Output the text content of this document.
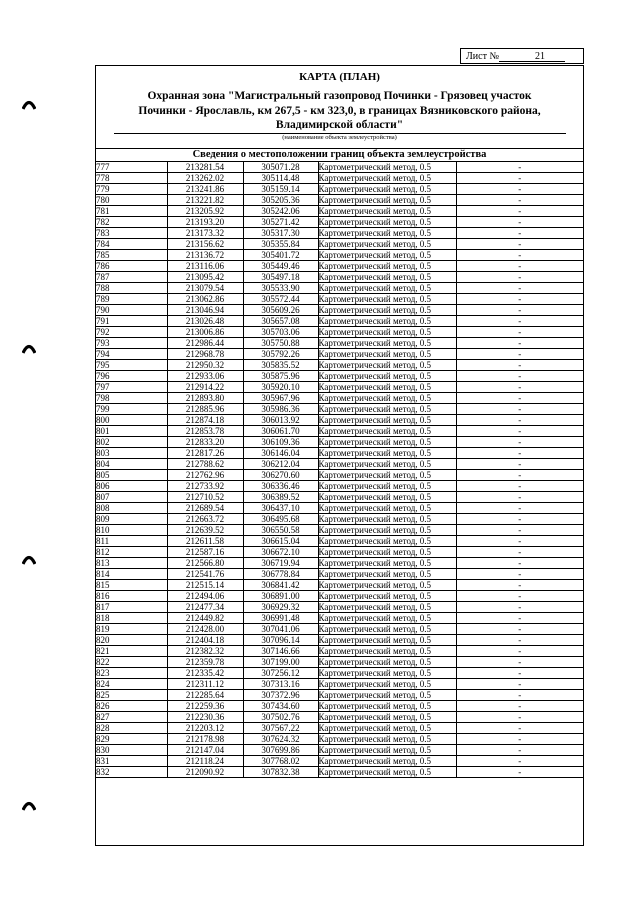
Лист №	21
КАРТА (ПЛАН)
Охранная зона "Магистральный газопровод Починки - Грязовец участок
Починки - Ярославль, км 267,5 - км 323,0, в границах Вязниковского района,
Владимирской области"
(наименование объекта землеустройства)
Сведения о местоположении границ объекта землеустройства
777	213281.54	305071.28	Картометрический метод, 0.5	-
778	213262.02	305114.48	Картометрический метод, 0.5	-
779	213241.86	305159.14	Картометрический метод, 0.5	-
780	213221.82	305205.36	Картометрический метод, 0.5	-
781	213205.92	305242.06	Картометрический метод, 0.5	-
782	213193.20	305271.42	Картометрический метод, 0.5	-
783	213173.32	305317.30	Картометрический метод, 0.5	-
784	213156.62	305355.84	Картометрический метод, 0.5	-
785	213136.72	305401.72	Картометрический метод, 0.5	-
786	213116.06	305449.46	Картометрический метод, 0.5	-
787	213095.42	305497.18	Картометрический метод, 0.5	-
788	213079.54	305533.90	Картометрический метод, 0.5	-
789	213062.86	305572.44	Картометрический метод, 0.5	-
790	213046.94	305609.26	Картометрический метод, 0.5	-
791	213026.48	305657.08	Картометрический метод, 0.5	-
792	213006.86	305703.06	Картометрический метод, 0.5	-
793	212986.44	305750.88	Картометрический метод, 0.5	-
794	212968.78	305792.26	Картометрический метод, 0.5	-
795	212950.32	305835.52	Картометрический метод, 0.5	-
796	212933.06	305875.96	Картометрический метод, 0.5	-
797	212914.22	305920.10	Картометрический метод, 0.5	-
798	212893.80	305967.96	Картометрический метод, 0.5	-
799	212885.96	305986.36	Картометрический метод, 0.5	-
800	212874.18	306013.92	Картометрический метод, 0.5	-
801	212853.78	306061.70	Картометрический метод, 0.5	-
802	212833.20	306109.36	Картометрический метод, 0.5	-
803	212817.26	306146.04	Картометрический метод, 0.5	-
804	212788.62	306212.04	Картометрический метод, 0.5	-
805	212762.96	306270.60	Картометрический метод, 0.5	-
806	212733.92	306336.46	Картометрический метод, 0.5	-
807	212710.52	306389.52	Картометрический метод, 0.5	-
808	212689.54	306437.10	Картометрический метод, 0.5	-
809	212663.72	306495.68	Картометрический метод, 0.5	-
810	212639.52	306550.58	Картометрический метод, 0.5	-
811	212611.58	306615.04	Картометрический метод, 0.5	-
812	212587.16	306672.10	Картометрический метод, 0.5	-
813	212566.80	306719.94	Картометрический метод, 0.5	-
814	212541.76	306778.84	Картометрический метод, 0.5	-
815	212515.14	306841.42	Картометрический метод, 0.5	-
816	212494.06	306891.00	Картометрический метод, 0.5	-
817	212477.34	306929.32	Картометрический метод, 0.5	-
818	212449.82	306991.48	Картометрический метод, 0.5	-
819	212428.00	307041.06	Картометрический метод, 0.5	-
820	212404.18	307096.14	Картометрический метод, 0.5	-
821	212382.32	307146.66	Картометрический метод, 0.5	-
822	212359.78	307199.00	Картометрический метод, 0.5	-
823	212335.42	307256.12	Картометрический метод, 0.5	-
824	212311.12	307313.16	Картометрический метод, 0.5	-
825	212285.64	307372.96	Картометрический метод, 0.5	-
826	212259.36	307434.60	Картометрический метод, 0.5	-
827	212230.36	307502.76	Картометрический метод, 0.5	-
828	212203.12	307567.22	Картометрический метод, 0.5	-
829	212178.98	307624.32	Картометрический метод, 0.5	-
830	212147.04	307699.86	Картометрический метод, 0.5	-
831	212118.24	307768.02	Картометрический метод, 0.5	-
832	212090.92	307832.38	Картометрический метод, 0.5	-
